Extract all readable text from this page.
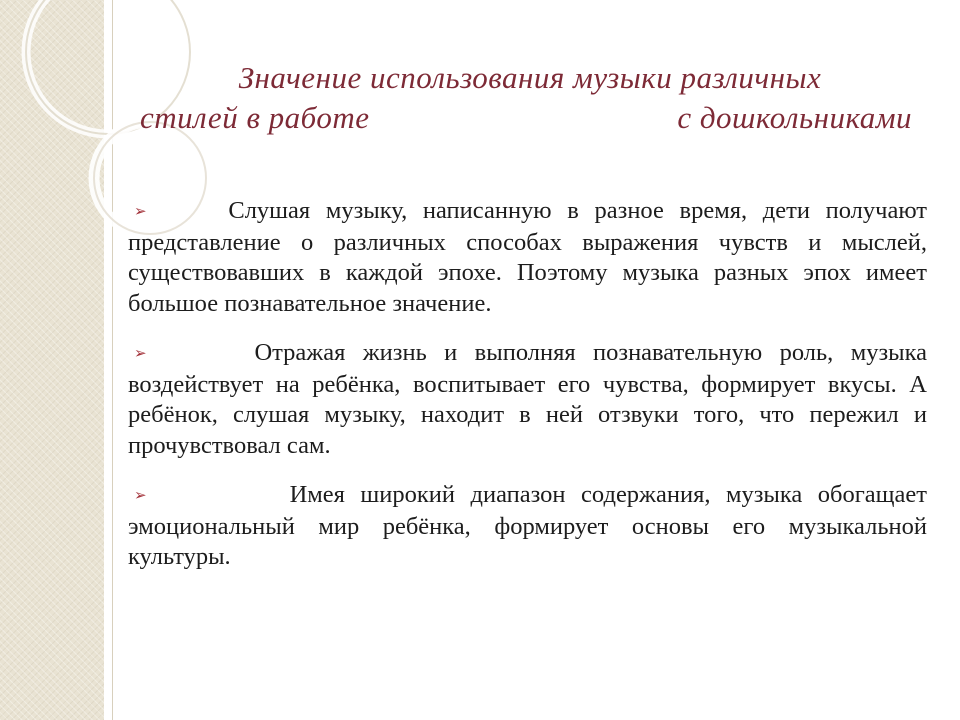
Значение использования музыки различных
стилей в работе	с дошкольниками

➢	Слушая музыку, написанную в разное время, дети получают представление о различных способах выражения чувств и мыслей, существовавших в каждой эпохе. Поэтому музыка разных эпох имеет большое познавательное значение.

➢	Отражая жизнь и выполняя познавательную роль, музыка воздействует на ребёнка, воспитывает его чувства, формирует вкусы. А ребёнок, слушая музыку, находит в ней отзвуки того, что пережил и прочувствовал сам.

➢	Имея широкий диапазон содержания, музыка обогащает эмоциональный мир ребёнка, формирует основы его музыкальной культуры.
